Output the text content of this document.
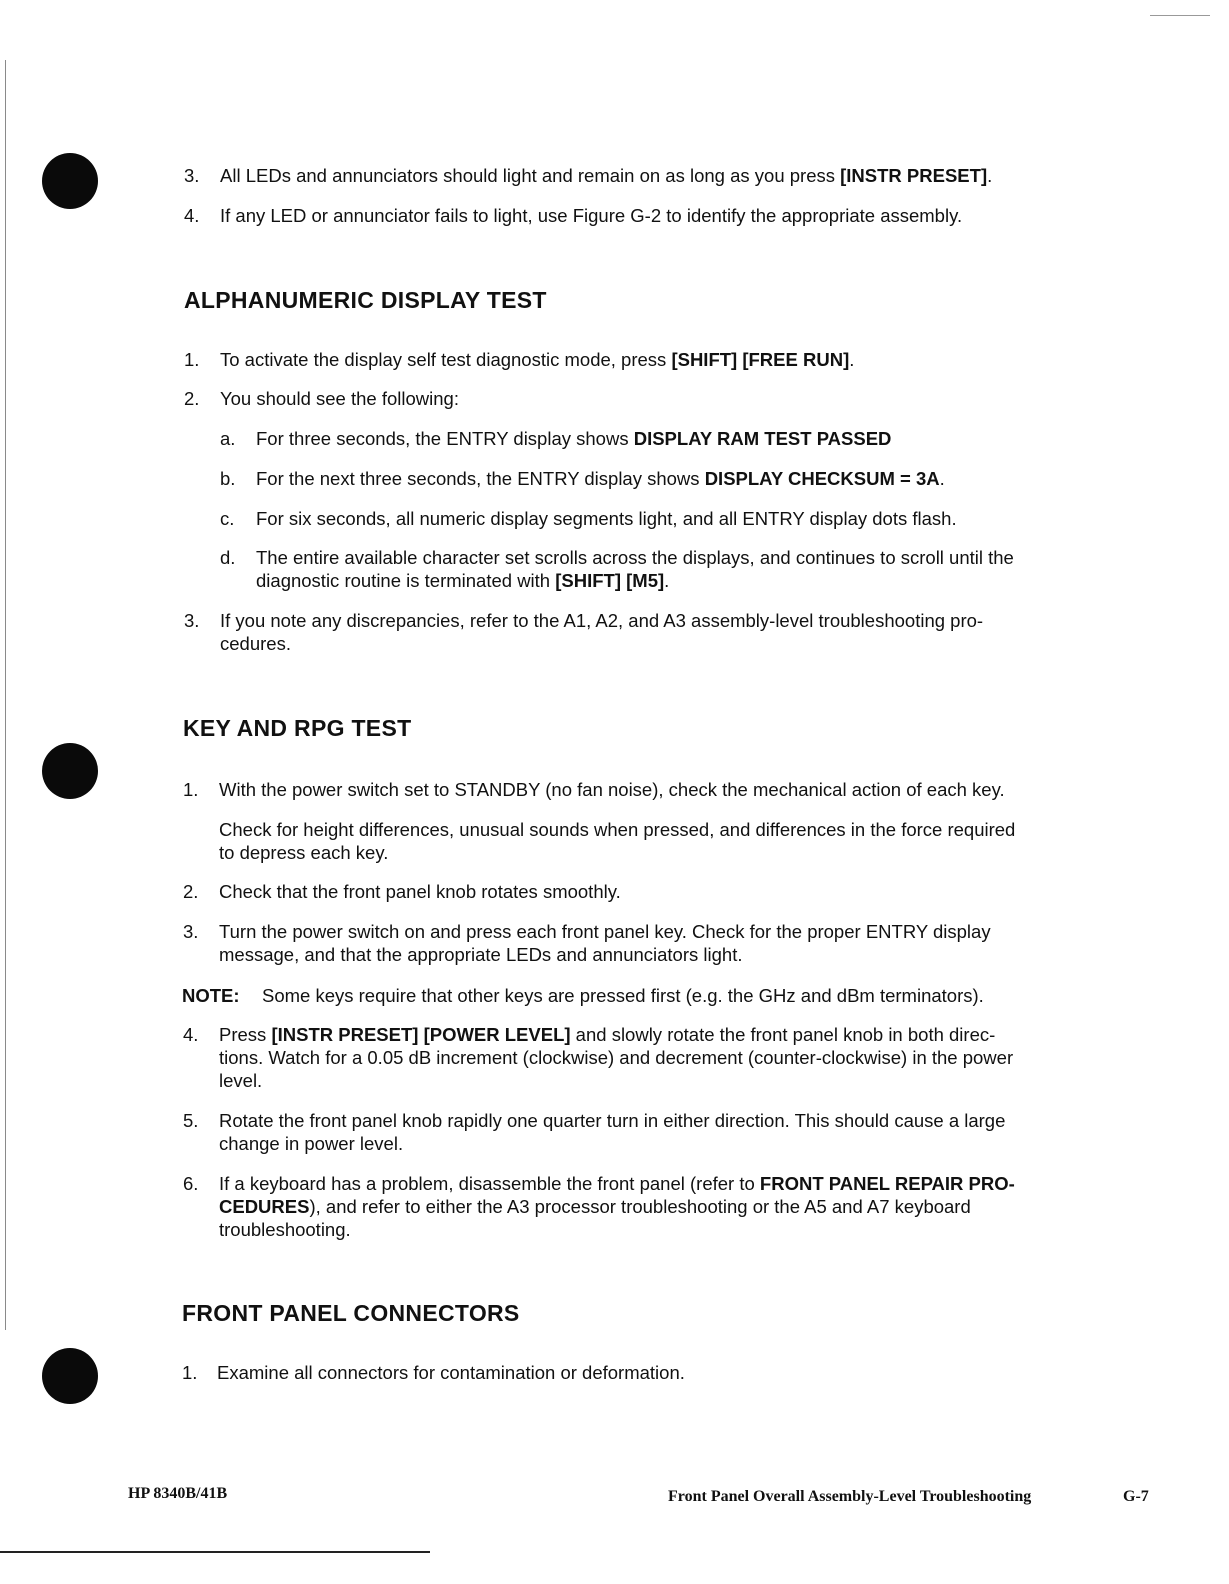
3. All LEDs and annunciators should light and remain on as long as you press [INSTR PRESET].
4. If any LED or annunciator fails to light, use Figure G-2 to identify the appropriate assembly.
ALPHANUMERIC DISPLAY TEST
1. To activate the display self test diagnostic mode, press [SHIFT] [FREE RUN].
2. You should see the following:
a. For three seconds, the ENTRY display shows DISPLAY RAM TEST PASSED
b. For the next three seconds, the ENTRY display shows DISPLAY CHECKSUM = 3A.
c. For six seconds, all numeric display segments light, and all ENTRY display dots flash.
d. The entire available character set scrolls across the displays, and continues to scroll until the
diagnostic routine is terminated with [SHIFT] [M5].
3. If you note any discrepancies, refer to the A1, A2, and A3 assembly-level troubleshooting pro-
cedures.
KEY AND RPG TEST
1. With the power switch set to STANDBY (no fan noise), check the mechanical action of each key.
Check for height differences, unusual sounds when pressed, and differences in the force required
to depress each key.
2. Check that the front panel knob rotates smoothly.
3. Turn the power switch on and press each front panel key. Check for the proper ENTRY display
message, and that the appropriate LEDs and annunciators light.
NOTE: Some keys require that other keys are pressed first (e.g. the GHz and dBm terminators).
4. Press [INSTR PRESET] [POWER LEVEL] and slowly rotate the front panel knob in both direc-
tions. Watch for a 0.05 dB increment (clockwise) and decrement (counter-clockwise) in the power
level.
5. Rotate the front panel knob rapidly one quarter turn in either direction. This should cause a large
change in power level.
6. If a keyboard has a problem, disassemble the front panel (refer to FRONT PANEL REPAIR PRO-
CEDURES), and refer to either the A3 processor troubleshooting or the A5 and A7 keyboard
troubleshooting.
FRONT PANEL CONNECTORS
1. Examine all connectors for contamination or deformation.
HP 8340B/41B	Front Panel Overall Assembly-Level Troubleshooting	G-7
